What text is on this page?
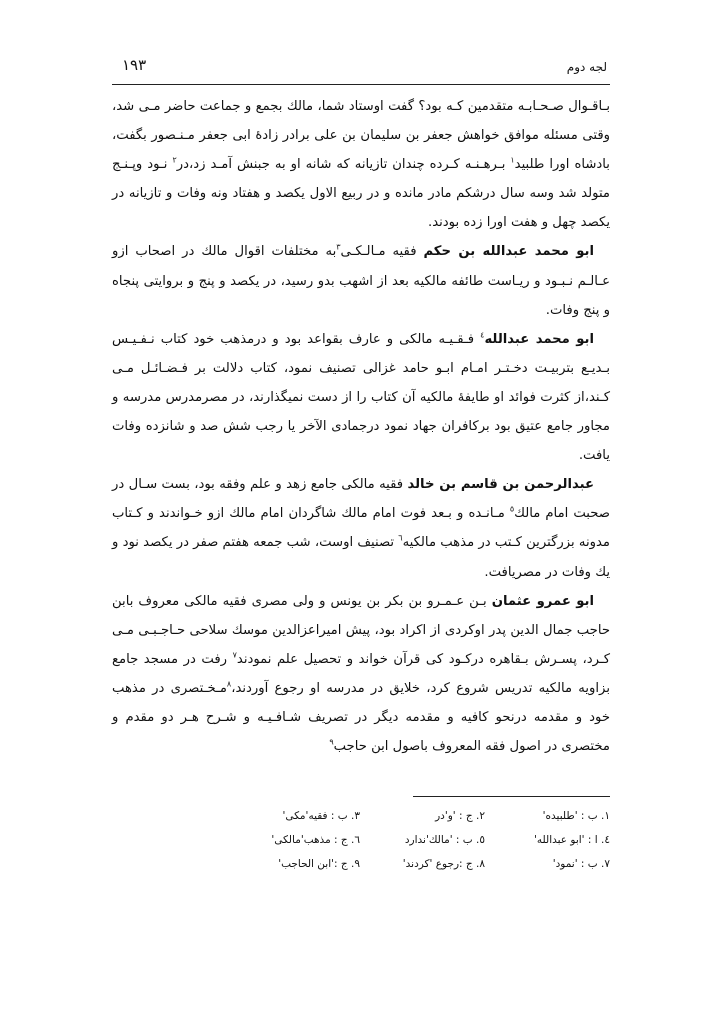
لجه دوم
۱۹۳

بـاقـوال صـحـابـه متقدمین کـه بود؟ گفت اوستاد شما، مالك بجمع و جماعت حاضر مـی شد، وقتی مسئله موافق خواهش جعفر بن سلیمان بن علی برادر زادهٔ ابی جعفر مـنـصور بگفت، بادشاه اورا طلبید$^۱$ بـرهـنـه کـرده چندان تازیانه که شانه او به جبنش آمـد زد،در$^۲$ نـود وپـنـج متولد شد وسه سال درشکم مادر مانده و در ربیع الاول یکصد و هفتاد ونه وفات و تازیانه در یکصد چهل و هفت اورا زده بودند.

ابو محمد عبدالله بن حکم فقیه مـالـکـی$^۳$به مختلفات اقوال مالك در اصحاب ازو عـالـم نـبـود و ریـاست طائفه مالکیه بعد از اشهب بدو رسید، در یکصد و پنج و بروایتی پنجاه و پنج وفات.

ابو محمد عبدالله$^٤$ فـقـیـه مالکی و عارف بقواعد بود و درمذهب خود کتاب نـفـیـس بـدیـع بتربیـت دخـتـر امـام ابـو حامد غزالی تصنیف نمود، کتاب دلالت بر فـضـائـل مـی کـند،از کثرت فوائد او طایفهٔ مالکیه آن کتاب را از دست نمیگذارند، در مصرمدرس مدرسه و مجاور جامع عتیق بود برکافران جهاد نمود درجمادی الآخر یا رجب شش صد و شانزده وفات یافت.

عبدالرحمن بن قاسم بن خالد فقیه مالکی جامع زهد و علم وفقه بود، بست سـال در صحبت امام مالك$^٥$ مـانـده و بـعد فوت امام مالك شاگردان امام مالك ازو خـواندند و کـتاب مدونه بزرگترین کـتب در مذهب مالکیه$^٦$ تصنیف اوست، شب جمعه هفتم صفر در یکصد نود و یك وفات در مصریافت.

ابو عمرو عثمان بـن عـمـرو بن بکر بن یونس و ولی مصری فقیه مالکی معروف بابن حاجب جمال الدین پدر اوکردی از اکراد بود، پیش امیراعزالدین موسك سلاحی حـاجـبـی مـی کـرد، پسـرش بـقاهره درکـود کی قرآن خواند و تحصیل علم نمودند$^۷$ رفت در مسجد جامع بزاویه مالکیه تدریس شروع کرد، خلایق در مدرسه او رجوع آوردند،$^۸$مـخـتصری در مذهب خود و مقدمه درنحو کافیه و مقدمه دیگر در تصریف شـافـیـه و شـرح هـر دو مقدم و مختصری در اصول فقه المعروف باصول ابن حاجب$^۹$

۱. ب : 'طلبیده'
۲. ج : 'و'در
۳. ب : فقیه'مکی'
٤. ا : 'ابو عبدالله'
٥. ب : 'مالك'ندارد
٦. ج : مذهب'مالکی'
۷. ب : 'نمود'
۸. ج :رجوع 'کردند'
۹. ج :'ابن الحاجب'
